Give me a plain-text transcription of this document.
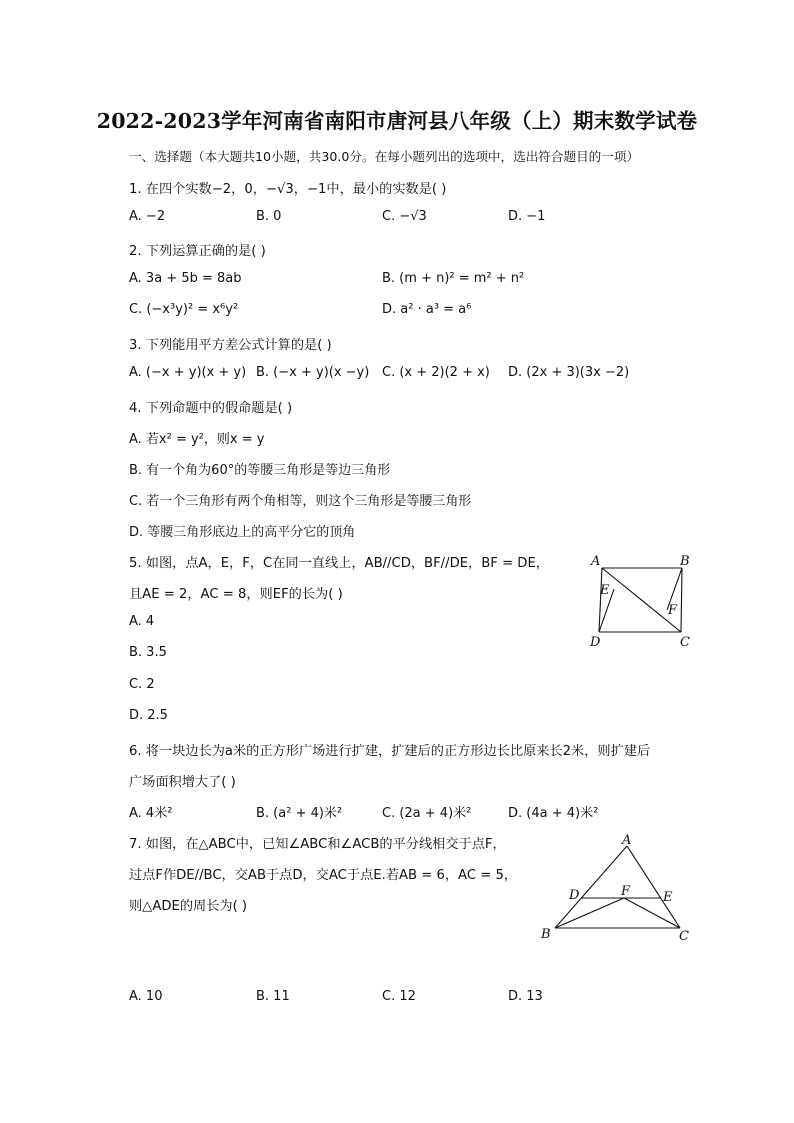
2022-2023学年河南省南阳市唐河县八年级（上）期末数学试卷
一、选择题（本大题共10小题，共30.0分。在每小题列出的选项中，选出符合题目的一项）
1. 在四个实数−2，0，−√3，−1中，最小的实数是( )
A. −2	B. 0	C. −√3	D. −1
2. 下列运算正确的是( )
A. 3a + 5b = 8ab	B. (m + n)² = m² + n²
C. (−x³y)² = x⁶y²	D. a² · a³ = a⁶
3. 下列能用平方差公式计算的是( )
A. (−x + y)(x + y) B. (−x + y)(x −y) C. (x + 2)(2 + x) D. (2x + 3)(3x −2)
4. 下列命题中的假命题是( )
A. 若x² = y²，则x = y
B. 有一个角为60°的等腰三角形是等边三角形
C. 若一个三角形有两个角相等，则这个三角形是等腰三角形
D. 等腰三角形底边上的高平分它的顶角
5. 如图，点A，E，F，C在同一直线上，AB//CD，BF//DE，BF = DE，
且AE = 2，AC = 8，则EF的长为( )
A. 4
B. 3.5
C. 2
D. 2.5
A	B
E
F
D	C
6. 将一块边长为a米的正方形广场进行扩建，扩建后的正方形边长比原来长2米，则扩建后
广场面积增大了( )
A. 4米²	B. (a² + 4)米²	C. (2a + 4)米²	D. (4a + 4)米²
7. 如图，在△ABC中，已知∠ABC和∠ACB的平分线相交于点F，
过点F作DE//BC，交AB于点D，交AC于点E.若AB = 6，AC = 5，
则△ADE的周长为( )
A
D	F	E
B	C
A. 10	B. 11	C. 12	D. 13
